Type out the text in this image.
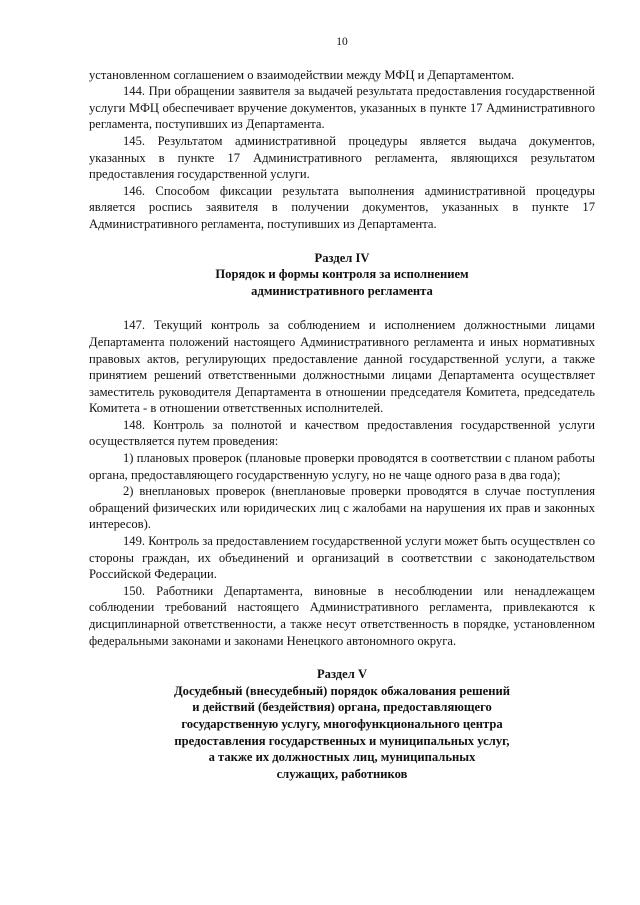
10

установленном соглашением о взаимодействии между МФЦ и Департаментом.

144. При обращении заявителя за выдачей результата предоставления государственной услуги МФЦ обеспечивает вручение документов, указанных в пункте 17 Административного регламента, поступивших из Департамента.

145. Результатом административной процедуры является выдача документов, указанных в пункте 17 Административного регламента, являющихся результатом предоставления государственной услуги.

146. Способом фиксации результата выполнения административной процедуры является роспись заявителя в получении документов, указанных в пункте 17 Административного регламента, поступивших из Департамента.

Раздел IV

Порядок и формы контроля за исполнением

административного регламента

147. Текущий контроль за соблюдением и исполнением должностными лицами Департамента положений настоящего Административного регламента и иных нормативных правовых актов, регулирующих предоставление данной государственной услуги, а также принятием решений ответственными должностными лицами Департамента осуществляет заместитель руководителя Департамента в отношении председателя Комитета, председатель Комитета - в отношении ответственных исполнителей.

148. Контроль за полнотой и качеством предоставления государственной услуги осуществляется путем проведения:

1) плановых проверок (плановые проверки проводятся в соответствии с планом работы органа, предоставляющего государственную услугу, но не чаще одного раза в два года);

2) внеплановых проверок (внеплановые проверки проводятся в случае поступления обращений физических или юридических лиц с жалобами на нарушения их прав и законных интересов).

149. Контроль за предоставлением государственной услуги может быть осуществлен со стороны граждан, их объединений и организаций в соответствии с законодательством Российской Федерации.

150. Работники Департамента, виновные в несоблюдении или ненадлежащем соблюдении требований настоящего Административного регламента, привлекаются к дисциплинарной ответственности, а также несут ответственность в порядке, установленном федеральными законами и законами Ненецкого автономного округа.

Раздел V

Досудебный (внесудебный) порядок обжалования решений

и действий (бездействия) органа, предоставляющего

государственную услугу, многофункционального центра

предоставления государственных и муниципальных услуг,

а также их должностных лиц, муниципальных

служащих, работников
